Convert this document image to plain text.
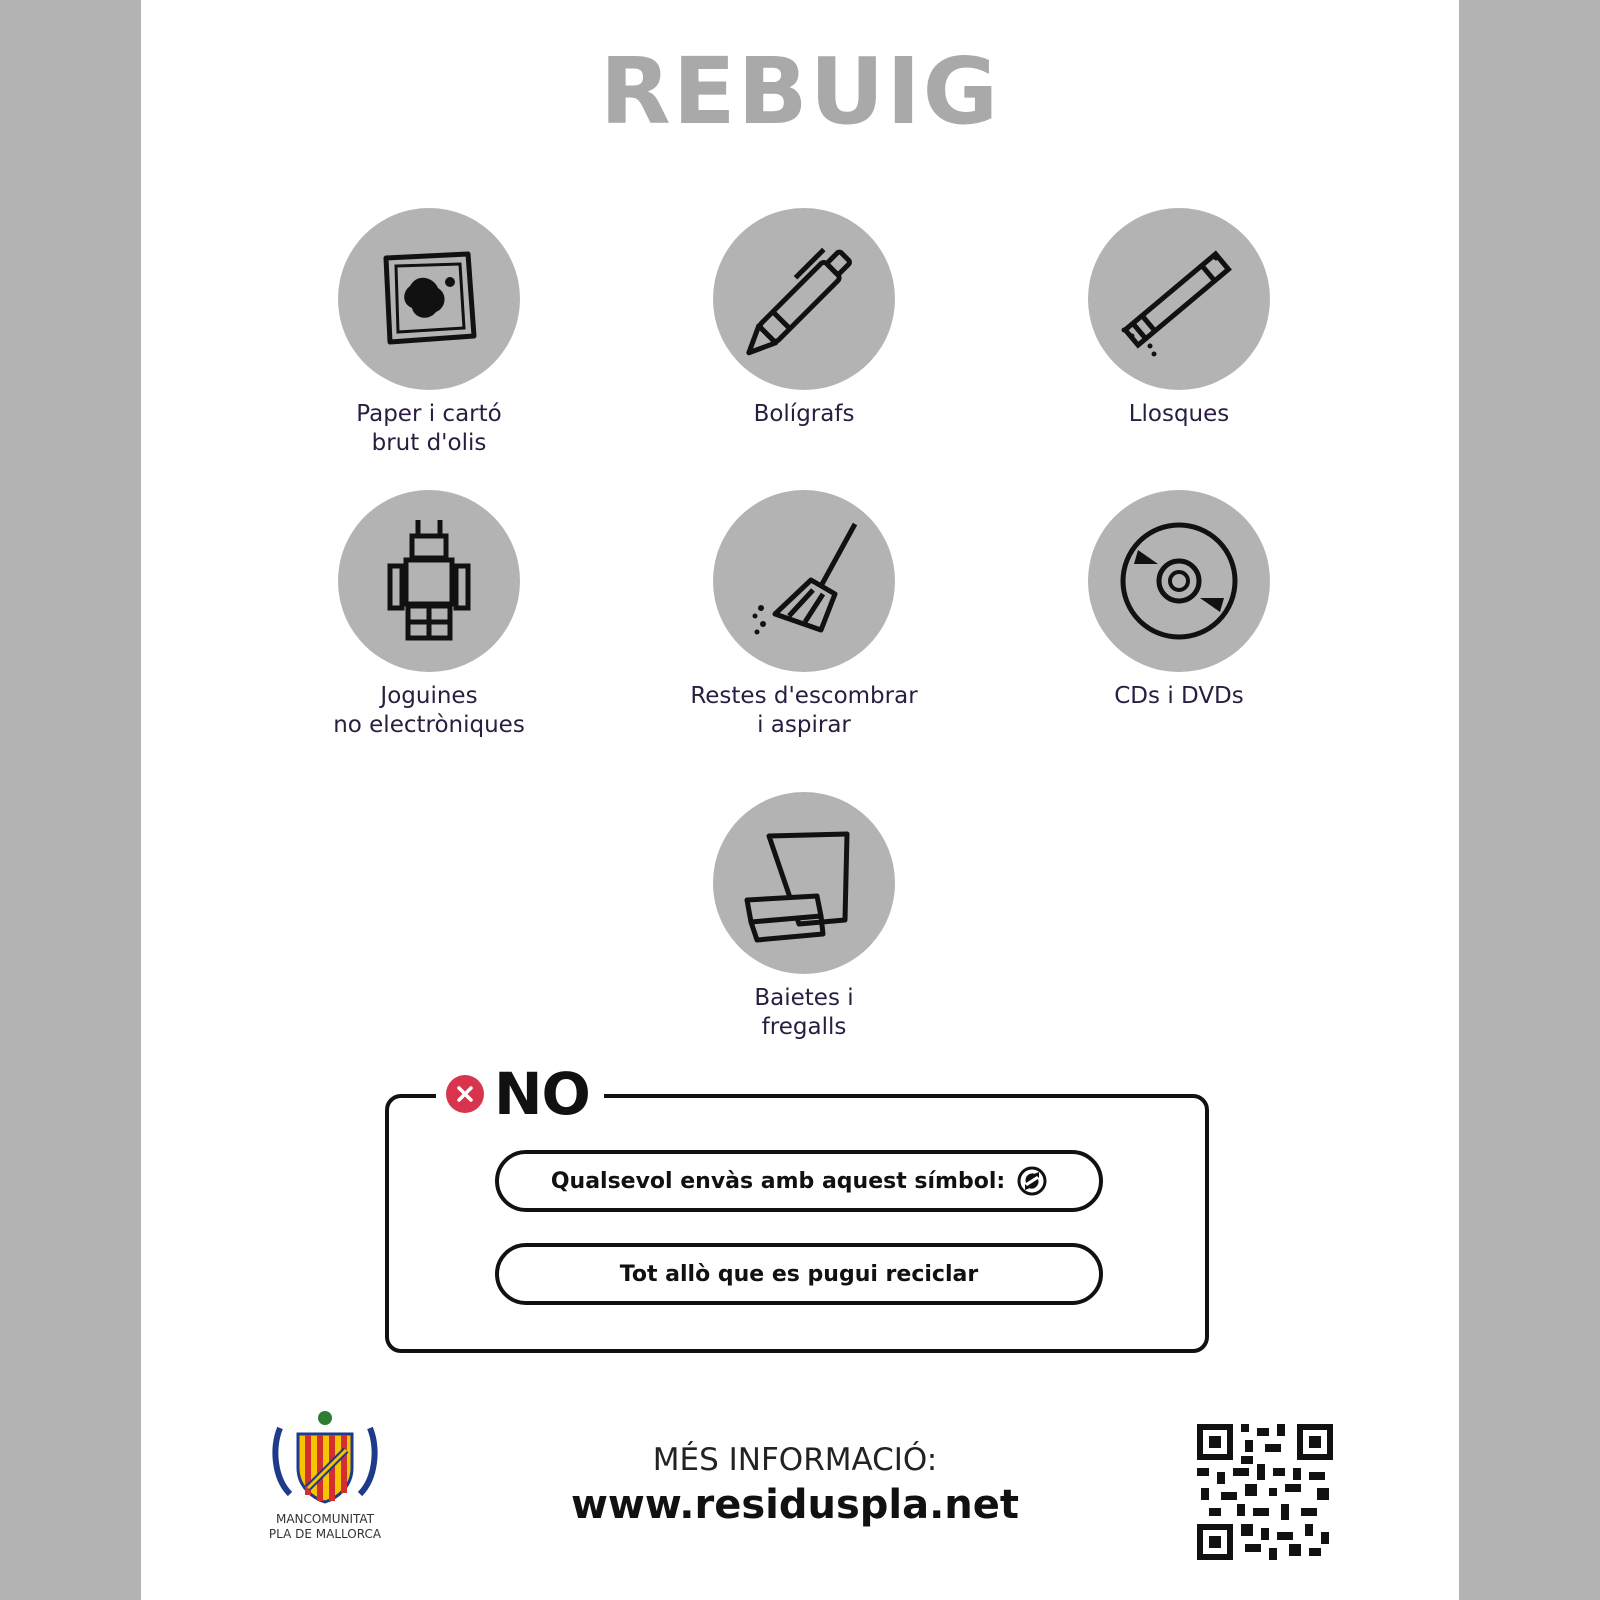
REBUIG
Paper i cartó
brut d'olis
Bolígrafs	Llosques
Joguines
no electròniques
Restes d'escombrar
i aspirar
CDs i DVDs
Baietes i
fregalls
NO
Qualsevol envàs amb aquest símbol:
Tot allò que es pugui reciclar
MANCOMUNITAT
PLA DE MALLORCA
MÉS INFORMACIÓ:
www.residuspla.net
